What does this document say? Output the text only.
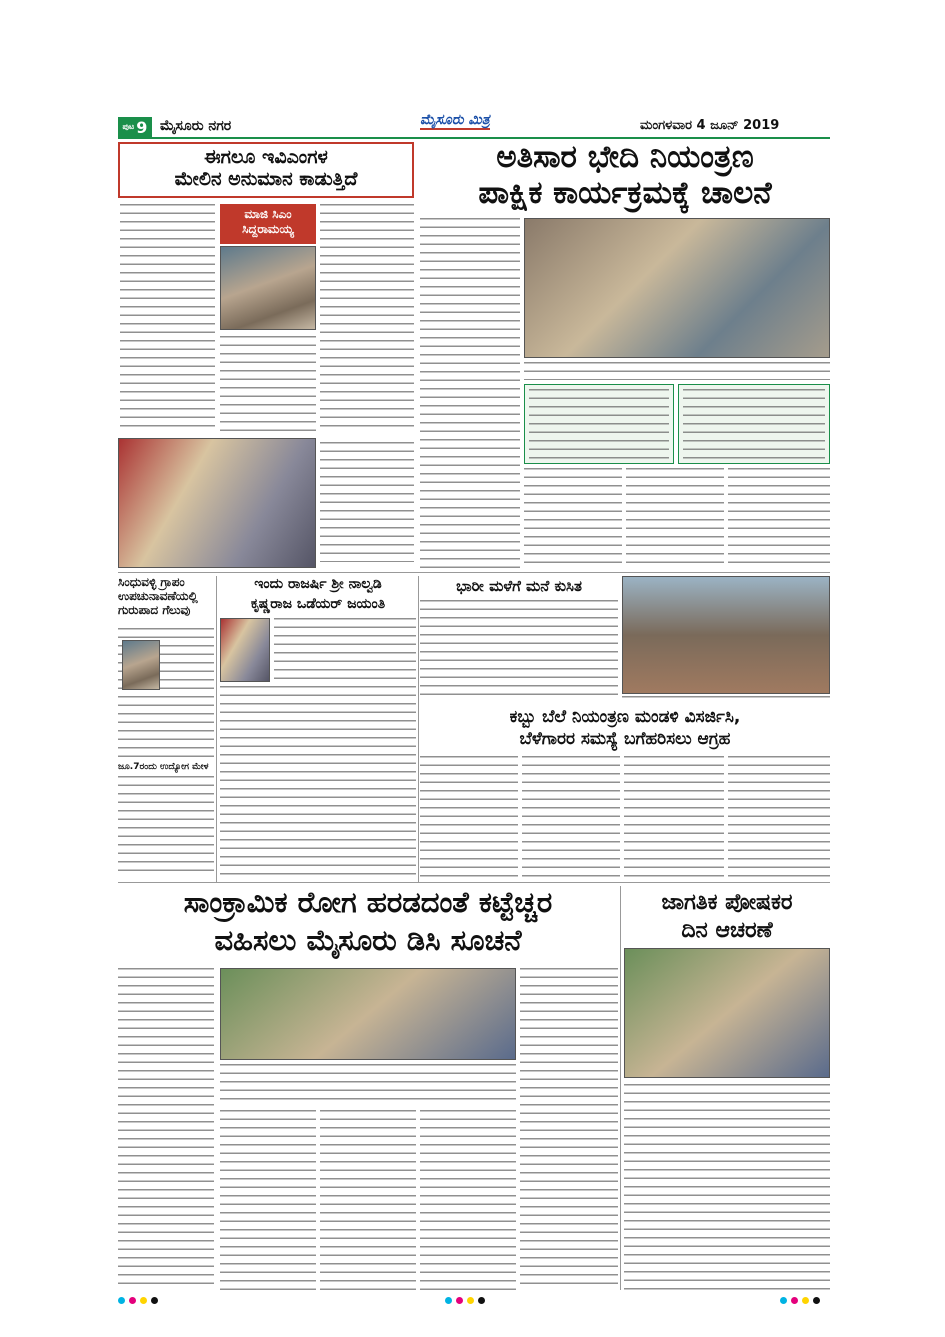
ಪುಟ 9 ಮೈಸೂರು ನಗರ	ಮೈಸೂರು ಮಿತ್ರ	ಮಂಗಳವಾರ 4 ಜೂನ್ 2019
ಈಗಲೂ ಇವಿಎಂಗಳ
ಮೇಲಿನ ಅನುಮಾನ ಕಾಡುತ್ತಿದೆ
ಮಾಜಿ ಸಿಎಂ
ಸಿದ್ದರಾಮಯ್ಯ
ಅತಿಸಾರ ಭೇದಿ ನಿಯಂತ್ರಣ
ಪಾಕ್ಷಿಕ ಕಾರ್ಯಕ್ರಮಕ್ಕೆ ಚಾಲನೆ
ಸಿಂಧುವಳ್ಳಿ ಗ್ರಾಪಂ
ಉಪಚುನಾವಣೆಯಲ್ಲಿ
ಗುರುಪಾದ ಗೆಲುವು
ಜೂ.7ರಂದು ಉದ್ಯೋಗ ಮೇಳ
ಇಂದು ರಾಜರ್ಷಿ ಶ್ರೀ ನಾಲ್ವಡಿ
ಕೃಷ್ಣರಾಜ ಒಡೆಯರ್ ಜಯಂತಿ
ಭಾರೀ ಮಳೆಗೆ ಮನೆ ಕುಸಿತ
ಕಬ್ಬು ಬೆಲೆ ನಿಯಂತ್ರಣ ಮಂಡಳಿ ವಿಸರ್ಜಿಸಿ,
ಬೆಳೆಗಾರರ ಸಮಸ್ಯೆ ಬಗೆಹರಿಸಲು ಆಗ್ರಹ
ಸಾಂಕ್ರಾಮಿಕ ರೋಗ ಹರಡದಂತೆ ಕಟ್ಟೆಚ್ಚರ
ವಹಿಸಲು ಮೈಸೂರು ಡಿಸಿ ಸೂಚನೆ
ಜಾಗತಿಕ ಪೋಷಕರ
ದಿನ ಆಚರಣೆ
